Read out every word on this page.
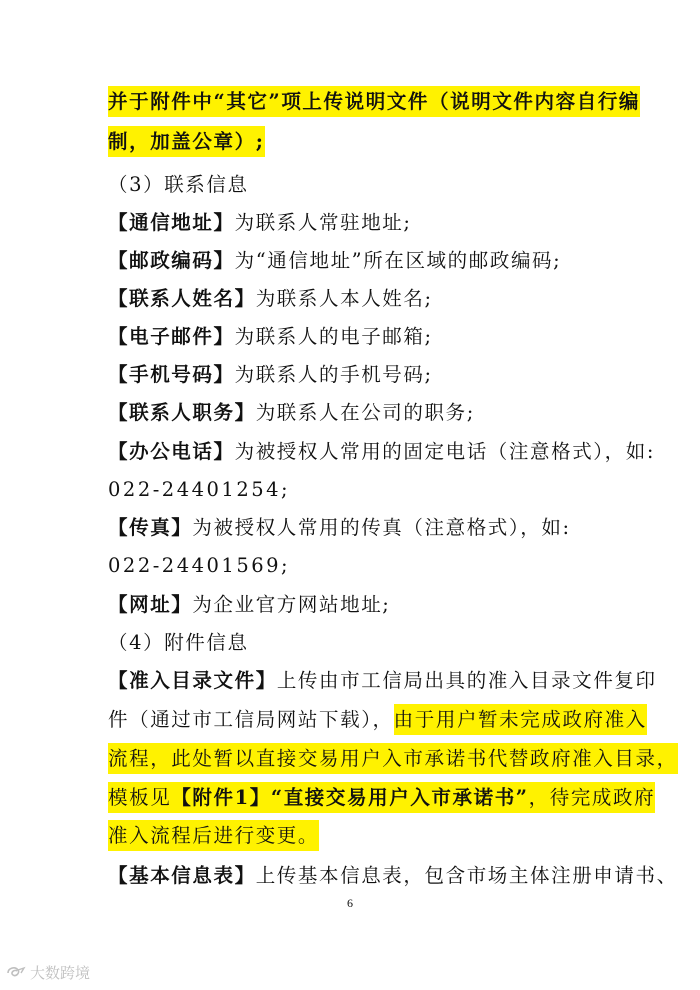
并于附件中“其它”项上传说明文件（说明文件内容自行编
制，加盖公章）;
（3）联系信息
【通信地址】为联系人常驻地址;
【邮政编码】为“通信地址”所在区域的邮政编码;
【联系人姓名】为联系人本人姓名;
【电子邮件】为联系人的电子邮箱;
【手机号码】为联系人的手机号码;
【联系人职务】为联系人在公司的职务;
【办公电话】为被授权人常用的固定电话（注意格式），如:
022-24401254;
【传真】为被授权人常用的传真（注意格式），如:
022-24401569;
【网址】为企业官方网站地址;
（4）附件信息
【准入目录文件】上传由市工信局出具的准入目录文件复印
件（通过市工信局网站下载），由于用户暂未完成政府准入
流程，此处暂以直接交易用户入市承诺书代替政府准入目录，
模板见【附件1】“直接交易用户入市承诺书”，待完成政府
准入流程后进行变更。
【基本信息表】上传基本信息表，包含市场主体注册申请书、
6
大数跨境
